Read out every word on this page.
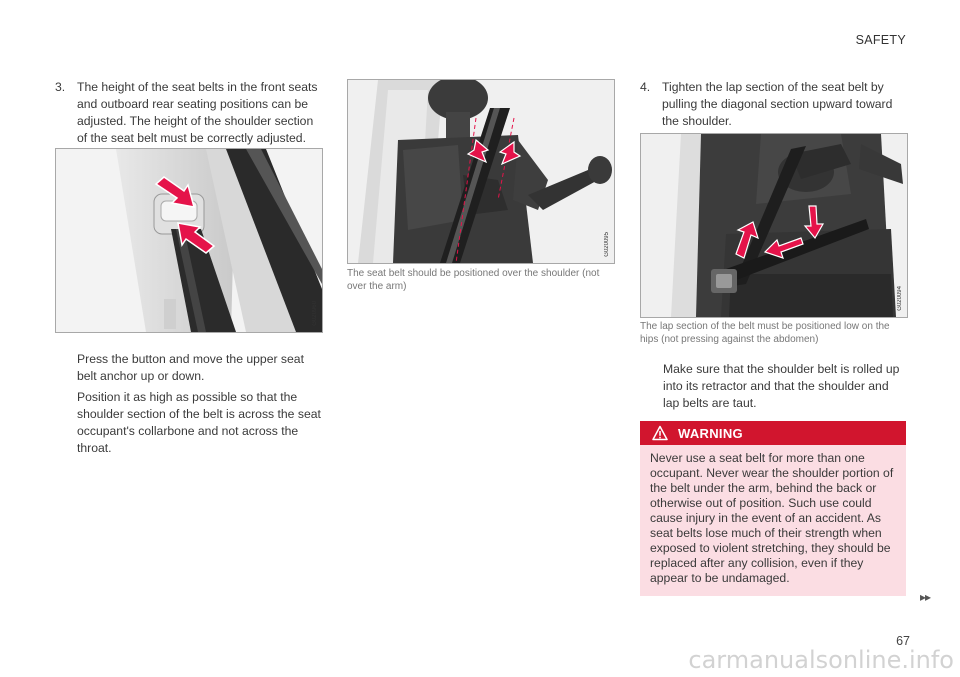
SAFETY
3. The height of the seat belts in the front seats and outboard rear seating positions can be adjusted. The height of the shoulder section of the seat belt must be correctly adjusted.
G020960
Press the button and move the upper seat belt anchor up or down.
Position it as high as possible so that the shoulder section of the belt is across the seat occupant's collarbone and not across the throat.
G020095
The seat belt should be positioned over the shoulder (not over the arm)
4. Tighten the lap section of the seat belt by pulling the diagonal section upward toward the shoulder.
G020094
The lap section of the belt must be positioned low on the hips (not pressing against the abdomen)
Make sure that the shoulder belt is rolled up into its retractor and that the shoulder and lap belts are taut.
WARNING
Never use a seat belt for more than one occupant. Never wear the shoulder portion of the belt under the arm, behind the back or otherwise out of position. Such use could cause injury in the event of an accident. As seat belts lose much of their strength when exposed to violent stretching, they should be replaced after any collision, even if they appear to be undamaged.
▸▸
67
carmanualsonline.info
